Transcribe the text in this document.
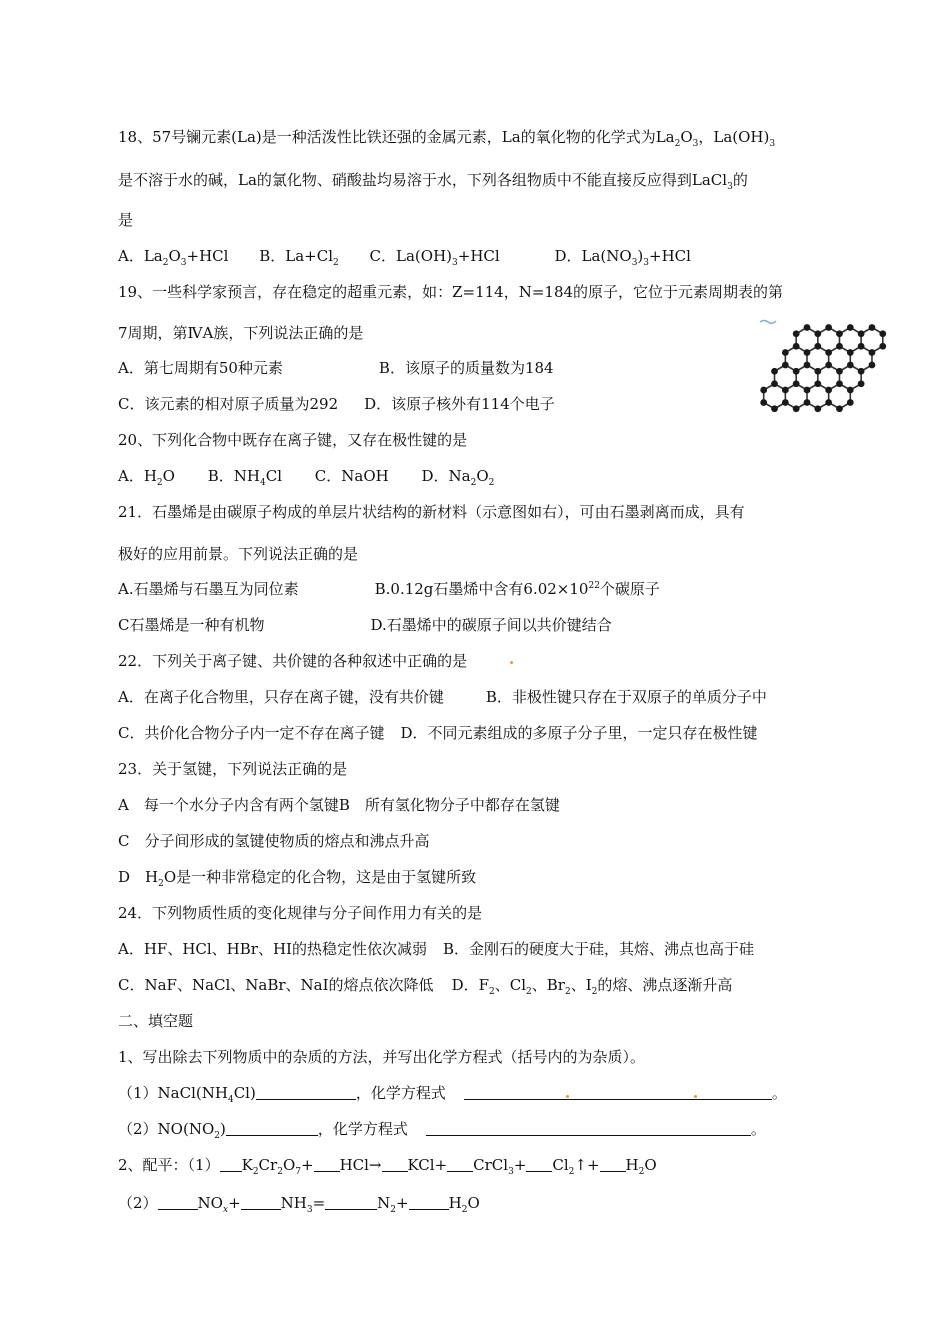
18、57号镧元素(La)是一种活泼性比铁还强的金属元素，La的氧化物的化学式为$La_2O_3$，$La(OH)_3$
是不溶于水的碱，La的氯化物、硝酸盐均易溶于水，下列各组物质中不能直接反应得到LaCl$_3$的
是
A．$La_2O_3+HCl$ B．$La+Cl_2$ C．$La(OH)_3+HCl$	D．$La(NO_3)_3+HCl$
19、一些科学家预言，存在稳定的超重元素，如：Z=114，N=184的原子，它位于元素周期表的第
7周期，第ⅣA族，下列说法正确的是
A．第七周期有50种元素	B．该原子的质量数为184
C．该元素的相对原子质量为292 D．该原子核外有114个电子
20、下列化合物中既存在离子键，又存在极性键的是
A．$H_2O$ B．$NH_4Cl$ C．NaOH D．$Na_2O_2$
21．石墨烯是由碳原子构成的单层片状结构的新材料（示意图如右），可由石墨剥离而成，具有
极好的应用前景。下列说法正确的是
A.石墨烯与石墨互为同位素	B.0.12g石墨烯中含有$6.02\times 10^{22}$个碳原子
C石墨烯是一种有机物	D.石墨烯中的碳原子间以共价键结合
22．下列关于离子键、共价键的各种叙述中正确的是
A．在离子化合物里，只存在离子键，没有共价键	B．非极性键只存在于双原子的单质分子中
C．共价化合物分子内一定不存在离子键 D．不同元素组成的多原子分子里，一定只存在极性键
23．关于氢键，下列说法正确的是
A　每一个水分子内含有两个氢键B　所有氢化物分子中都存在氢键
C　分子间形成的氢键使物质的熔点和沸点升高
D　$H_2O$是一种非常稳定的化合物，这是由于氢键所致
24．下列物质性质的变化规律与分子间作用力有关的是
A．HF、HCl、HBr、HI的热稳定性依次减弱 B．金刚石的硬度大于硅，其熔、沸点也高于硅
C．NaF、NaCl、NaBr、NaI的熔点依次降低 D．$F_2$、$Cl_2$、$Br_2$、$I_2$的熔、沸点逐渐升高
二、填空题
1、写出除去下列物质中的杂质的方法，并写出化学方程式（括号内的为杂质）。
$(1)NaCl(NH_4Cl)$	，化学方程式	。
$(2)NO(NO_2)$	，化学方程式	。
2、配平：（1） $K_2Cr_2O_7+ HCl\to KCl+$ CrCl$_3$+ $Cl_2↑+ H_2O$
（2）	$NO_x+$	$NH_3=$	$N_2+$	$H_2O$
